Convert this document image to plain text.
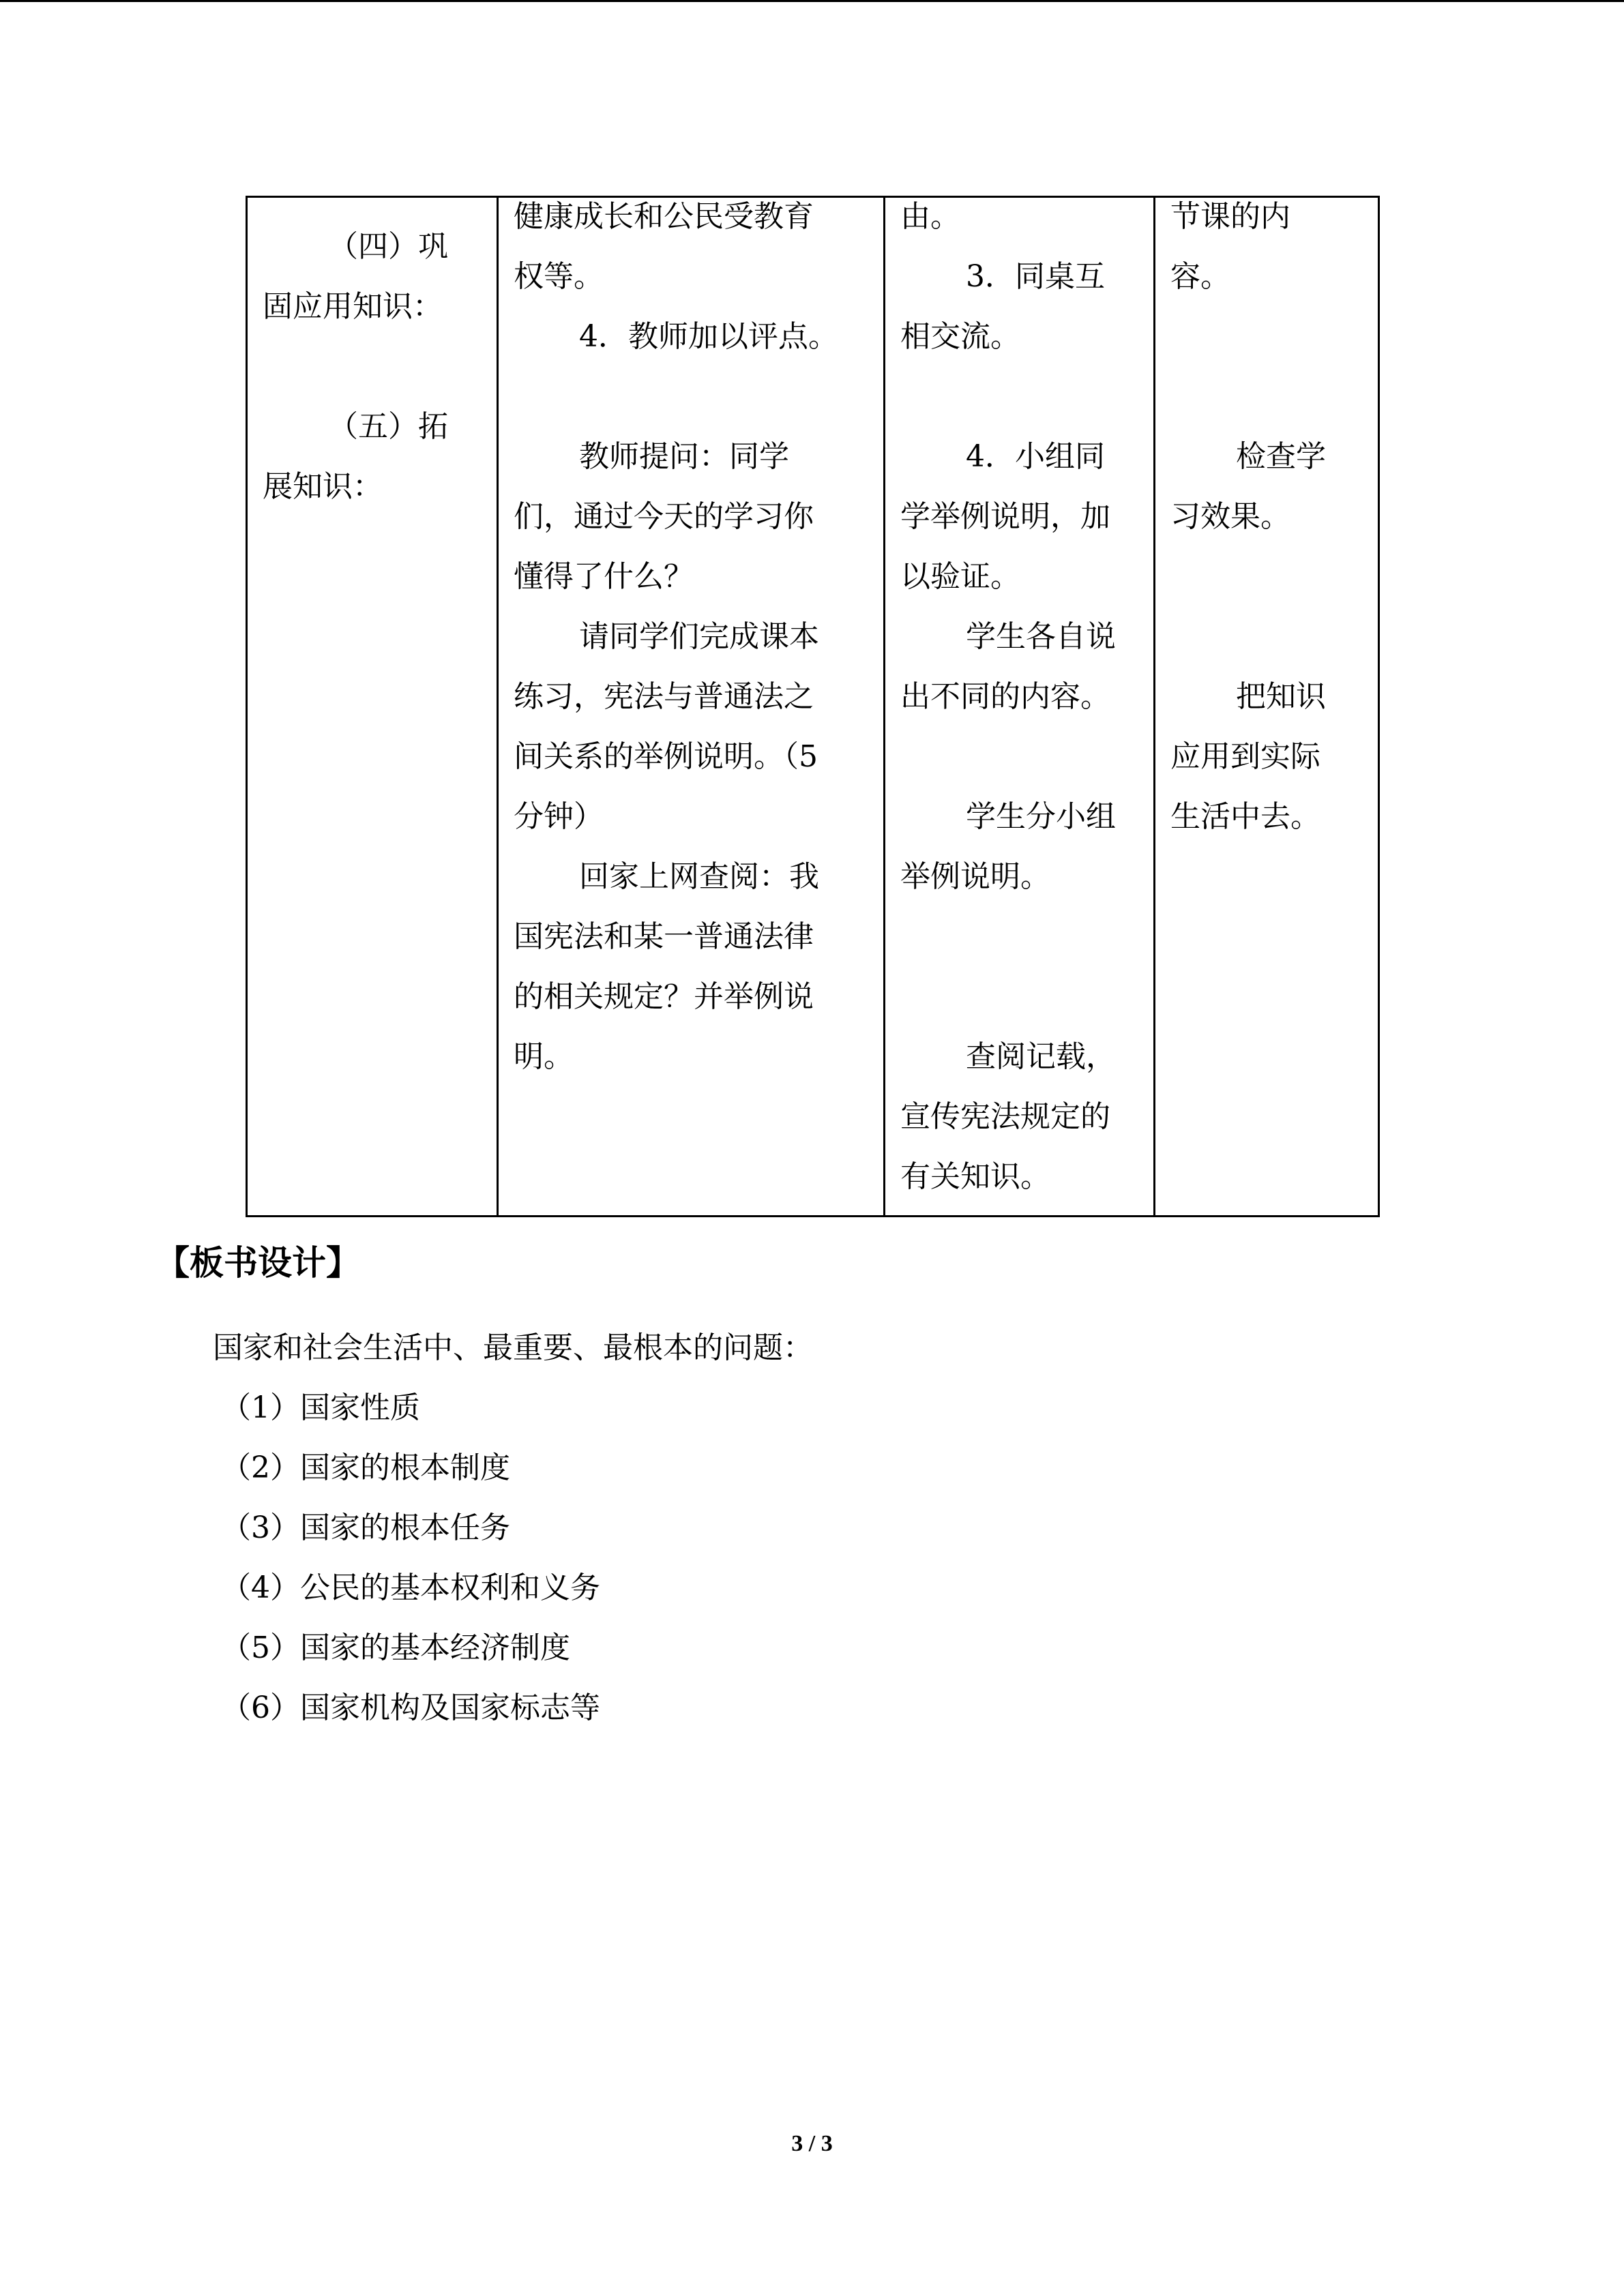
（四）巩
固应用知识：
（五）拓
展知识：

健康成长和公民受教育
权等。
4．教师加以评点。
教师提问：同学
们，通过今天的学习你
懂得了什么？
请同学们完成课本
练习，宪法与普通法之
间关系的举例说明。（5
分钟）
回家上网查阅：我
国宪法和某一普通法律
的相关规定？并举例说
明。

由。
3．同桌互
相交流。
4．小组同
学举例说明，加
以验证。
学生各自说
出不同的内容。
学生分小组
举例说明。
查阅记载，
宣传宪法规定的
有关知识。

节课的内
容。
检查学
习效果。
把知识
应用到实际
生活中去。
【板书设计】
国家和社会生活中、最重要、最根本的问题：
（1）国家性质
（2）国家的根本制度
（3）国家的根本任务
（4）公民的基本权利和义务
（5）国家的基本经济制度
（6）国家机构及国家标志等
3 / 3
